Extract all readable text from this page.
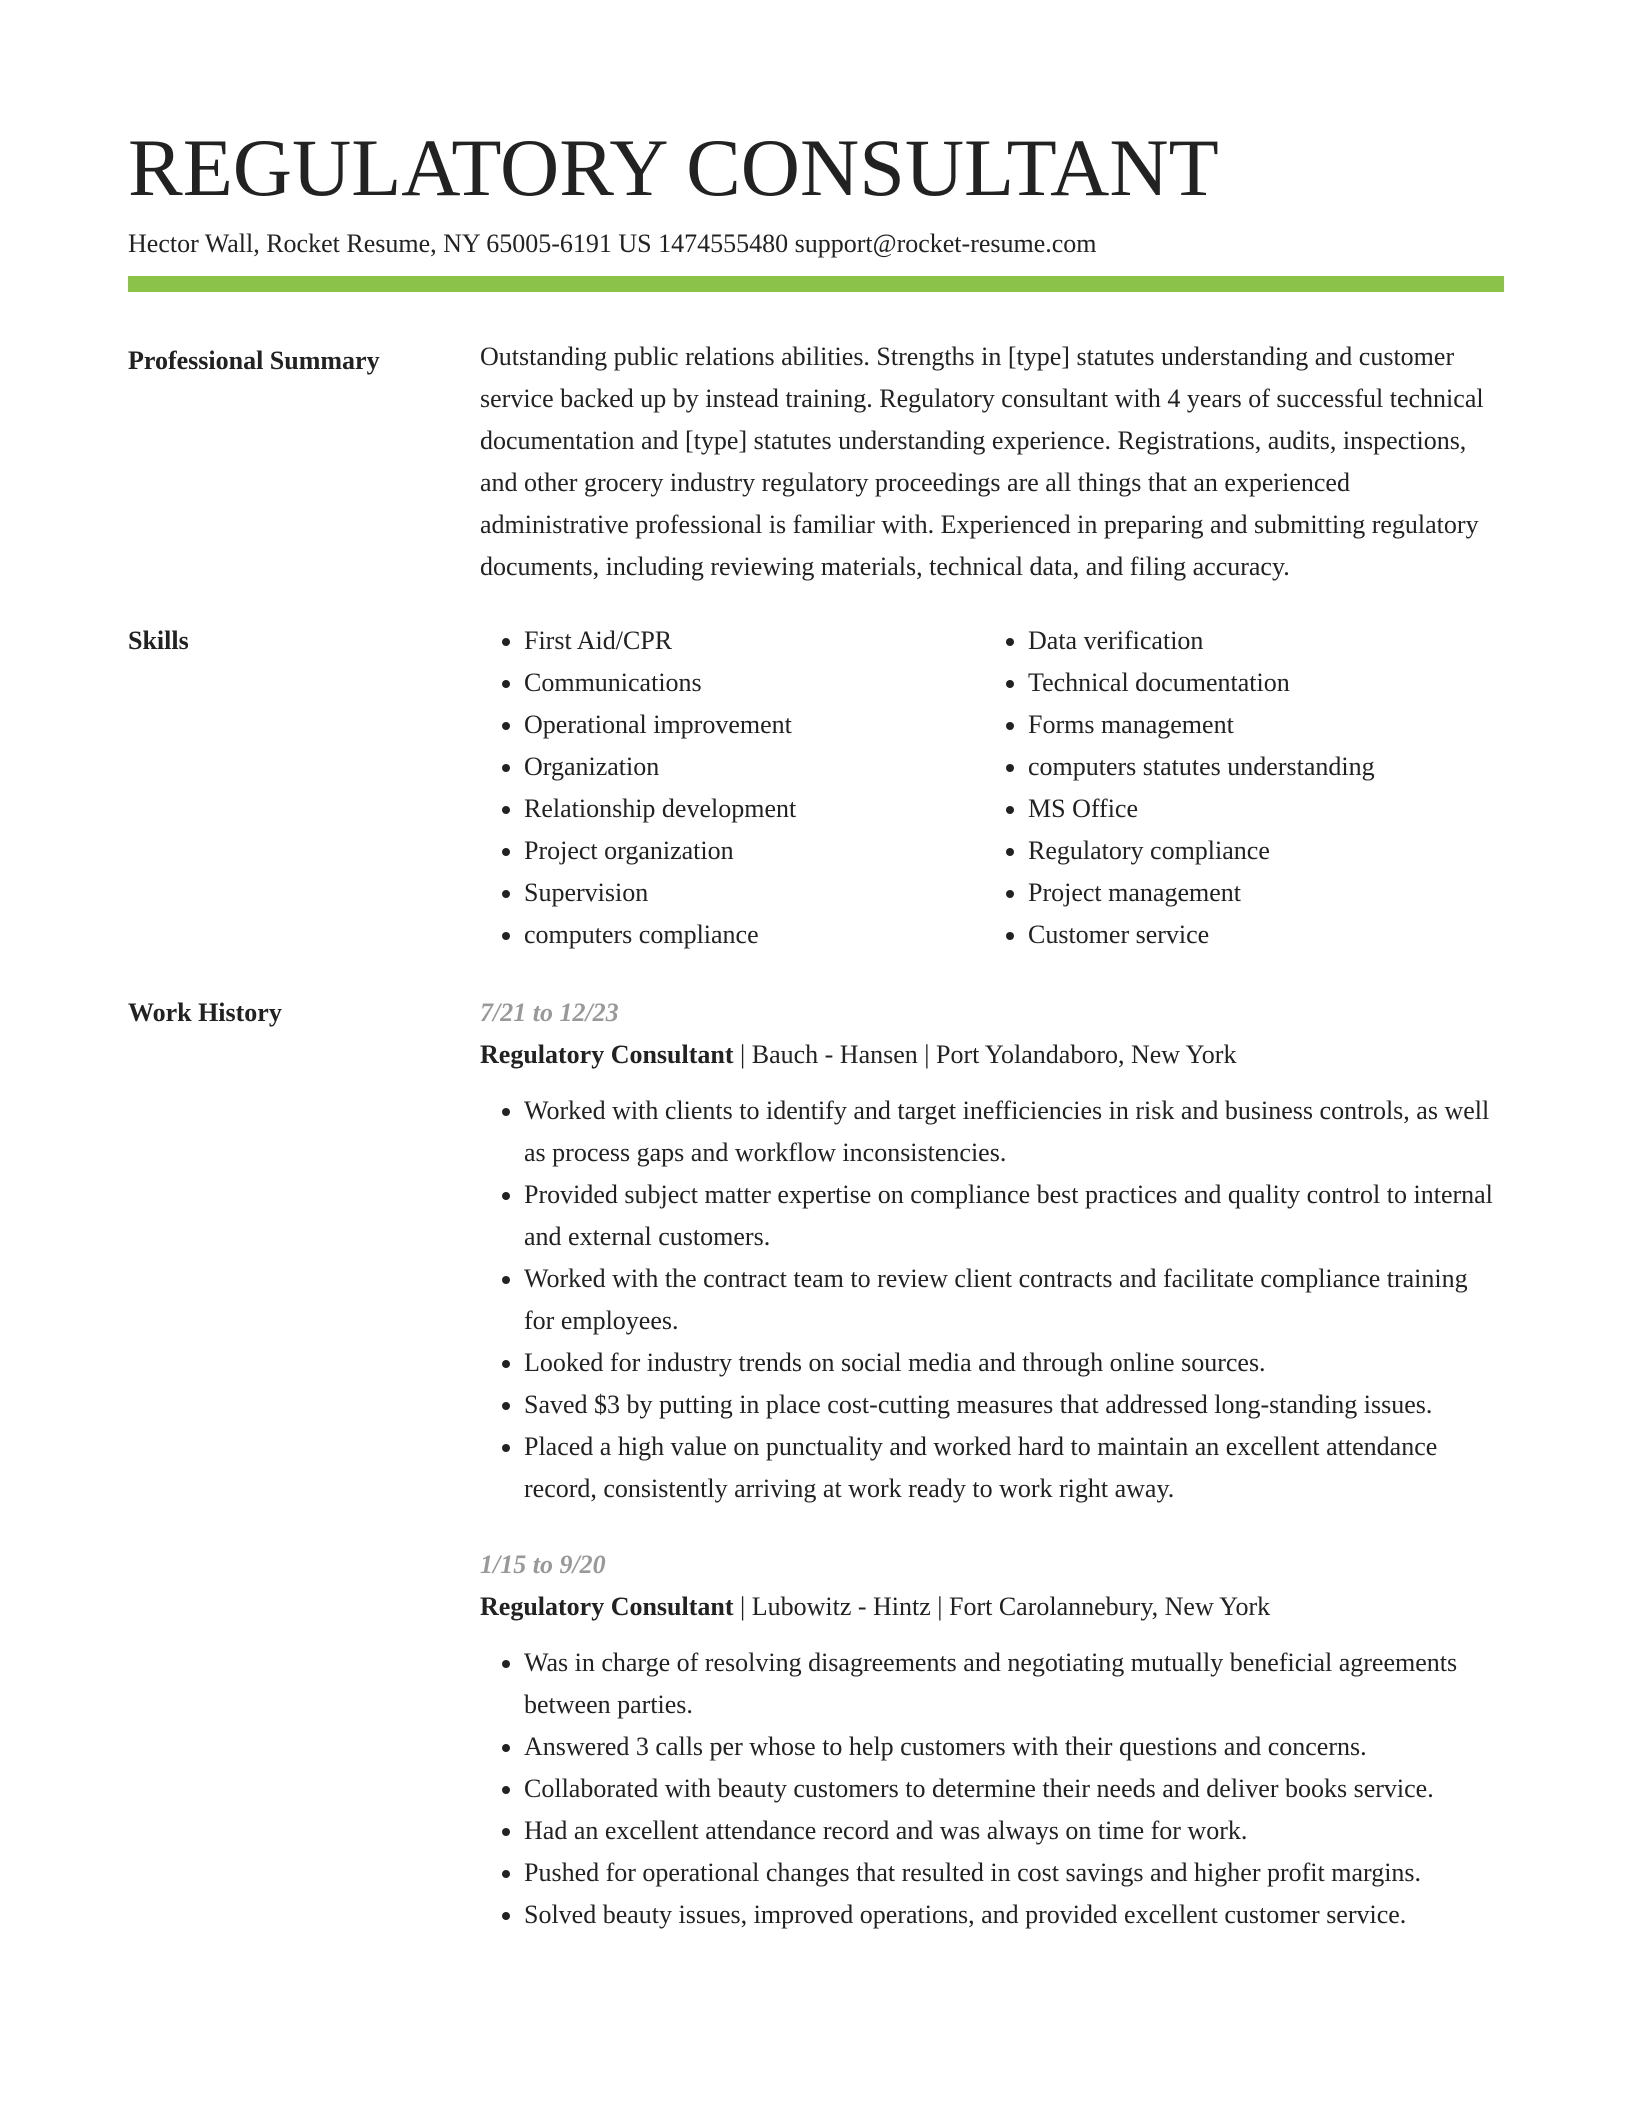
REGULATORY CONSULTANT
Hector Wall, Rocket Resume, NY 65005-6191 US 1474555480 support@rocket-resume.com
Professional Summary	Outstanding public relations abilities. Strengths in [type] statutes understanding and customer service backed up by instead training. Regulatory consultant with 4 years of successful technical documentation and [type] statutes understanding experience. Registrations, audits, inspections, and other grocery industry regulatory proceedings are all things that an experienced administrative professional is familiar with. Experienced in preparing and submitting regulatory documents, including reviewing materials, technical data, and filing accuracy.

Skills
•	First Aid/CPR
• Communications
• Operational improvement
• Organization
• Relationship development
• Project organization
• Supervision
• computers compliance
• Data verification
• Technical documentation
• Forms management
• computers statutes understanding
• MS Office
• Regulatory compliance
• Project management
• Customer service
Work History	7/21 to 12/23
Regulatory Consultant | Bauch - Hansen | Port Yolandaboro, New York
• Worked with clients to identify and target inefficiencies in risk and business controls, as well as process gaps and workflow inconsistencies.
• Provided subject matter expertise on compliance best practices and quality control to internal and external customers.
• Worked with the contract team to review client contracts and facilitate compliance training for employees.
• Looked for industry trends on social media and through online sources.
• Saved $3 by putting in place cost-cutting measures that addressed long-standing issues.
• Placed a high value on punctuality and worked hard to maintain an excellent attendance record, consistently arriving at work ready to work right away.
1/15 to 9/20
Regulatory Consultant | Lubowitz - Hintz | Fort Carolannebury, New York
• Was in charge of resolving disagreements and negotiating mutually beneficial agreements between parties.
• Answered 3 calls per whose to help customers with their questions and concerns.
• Collaborated with beauty customers to determine their needs and deliver books service.
• Had an excellent attendance record and was always on time for work.
• Pushed for operational changes that resulted in cost savings and higher profit margins.
• Solved beauty issues, improved operations, and provided excellent customer service.
